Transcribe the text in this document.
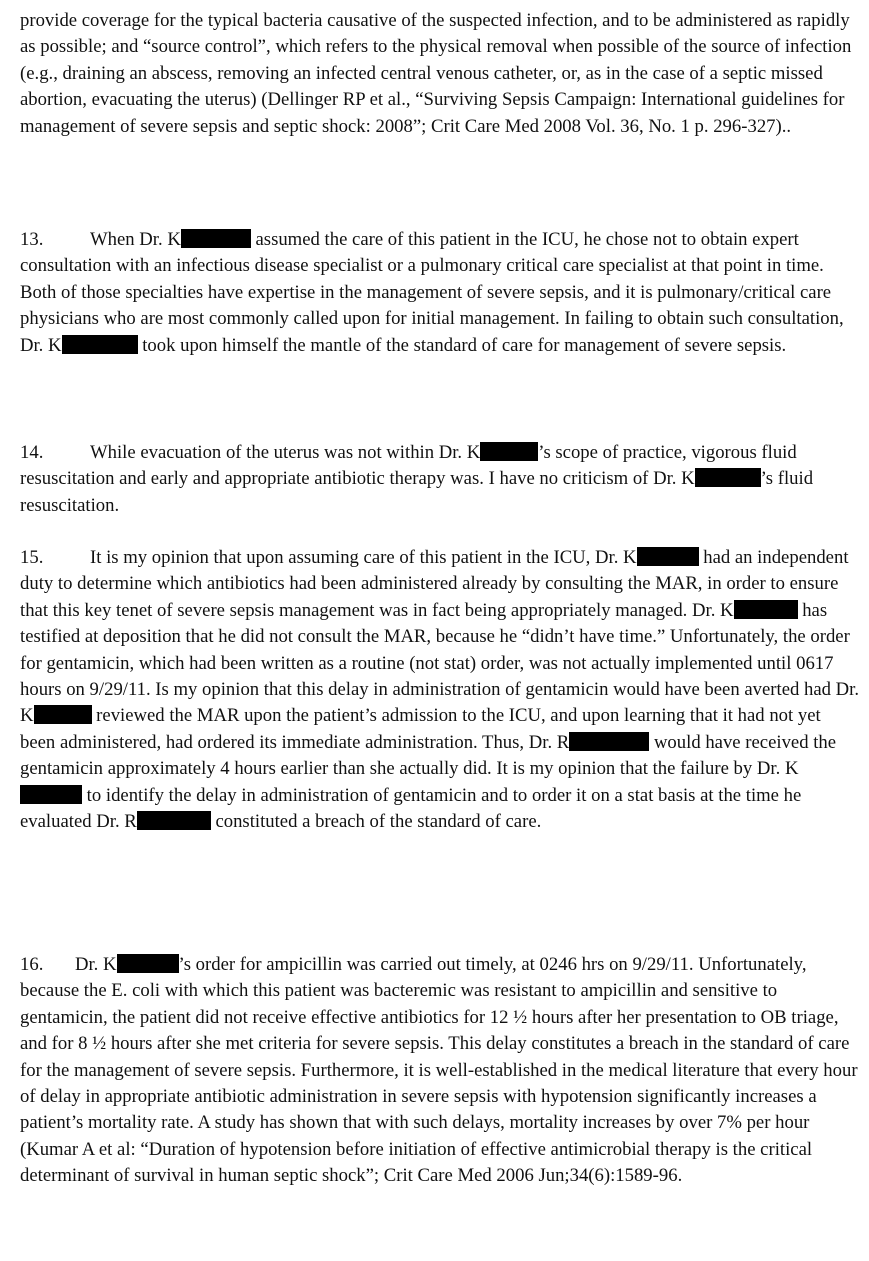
provide coverage for the typical bacteria causative of the suspected infection, and to be administered as rapidly as possible; and “source control”, which refers to the physical removal when possible of the source of infection (e.g., draining an abscess, removing an infected central venous catheter, or, as in the case of a septic missed abortion, evacuating the uterus) (Dellinger RP et al., “Surviving Sepsis Campaign: International guidelines for management of severe sepsis and septic shock: 2008”; Crit Care Med 2008 Vol. 36, No. 1 p. 296-327)..

13. When Dr. K	assumed the care of this patient in the ICU, he chose not to obtain expert consultation with an infectious disease specialist or a pulmonary critical care specialist at that point in time. Both of those specialties have expertise in the management of severe sepsis, and it is pulmonary/critical care physicians who are most commonly called upon for initial management. In failing to obtain such consultation, Dr. K	took upon himself the mantle of the standard of care for management of severe sepsis.

14. While evacuation of the uterus was not within Dr. K	’s scope of practice, vigorous fluid resuscitation and early and appropriate antibiotic therapy was. I have no criticism of Dr. K	’s fluid resuscitation.

15. It is my opinion that upon assuming care of this patient in the ICU, Dr. K	had an independent duty to determine which antibiotics had been administered already by consulting the MAR, in order to ensure that this key tenet of severe sepsis management was in fact being appropriately managed. Dr. K	has testified at deposition that he did not consult the MAR, because he “didn’t have time.” Unfortunately, the order for gentamicin, which had been written as a routine (not stat) order, was not actually implemented until 0617 hours on 9/29/11. Is my opinion that this delay in administration of gentamicin would have been averted had Dr. K	reviewed the MAR upon the patient’s admission to the ICU, and upon learning that it had not yet been administered, had ordered its immediate administration. Thus, Dr. R	would have received the gentamicin approximately 4 hours earlier than she actually did. It is my opinion that the failure by Dr. K to identify the delay in administration of gentamicin and to order it on a stat basis at the time he evaluated Dr. R	constituted a breach of the standard of care.

16. Dr. K	’s order for ampicillin was carried out timely, at 0246 hrs on 9/29/11. Unfortunately, because the E. coli with which this patient was bacteremic was resistant to ampicillin and sensitive to gentamicin, the patient did not receive effective antibiotics for 12 ½ hours after her presentation to OB triage, and for 8 ½ hours after she met criteria for severe sepsis. This delay constitutes a breach in the standard of care for the management of severe sepsis. Furthermore, it is well-established in the medical literature that every hour of delay in appropriate antibiotic administration in severe sepsis with hypotension significantly increases a patient’s mortality rate. A study has shown that with such delays, mortality increases by over 7% per hour (Kumar A et al: “Duration of hypotension before initiation of effective antimicrobial therapy is the critical determinant of survival in human septic shock”; Crit Care Med 2006 Jun;34(6):1589-96.
